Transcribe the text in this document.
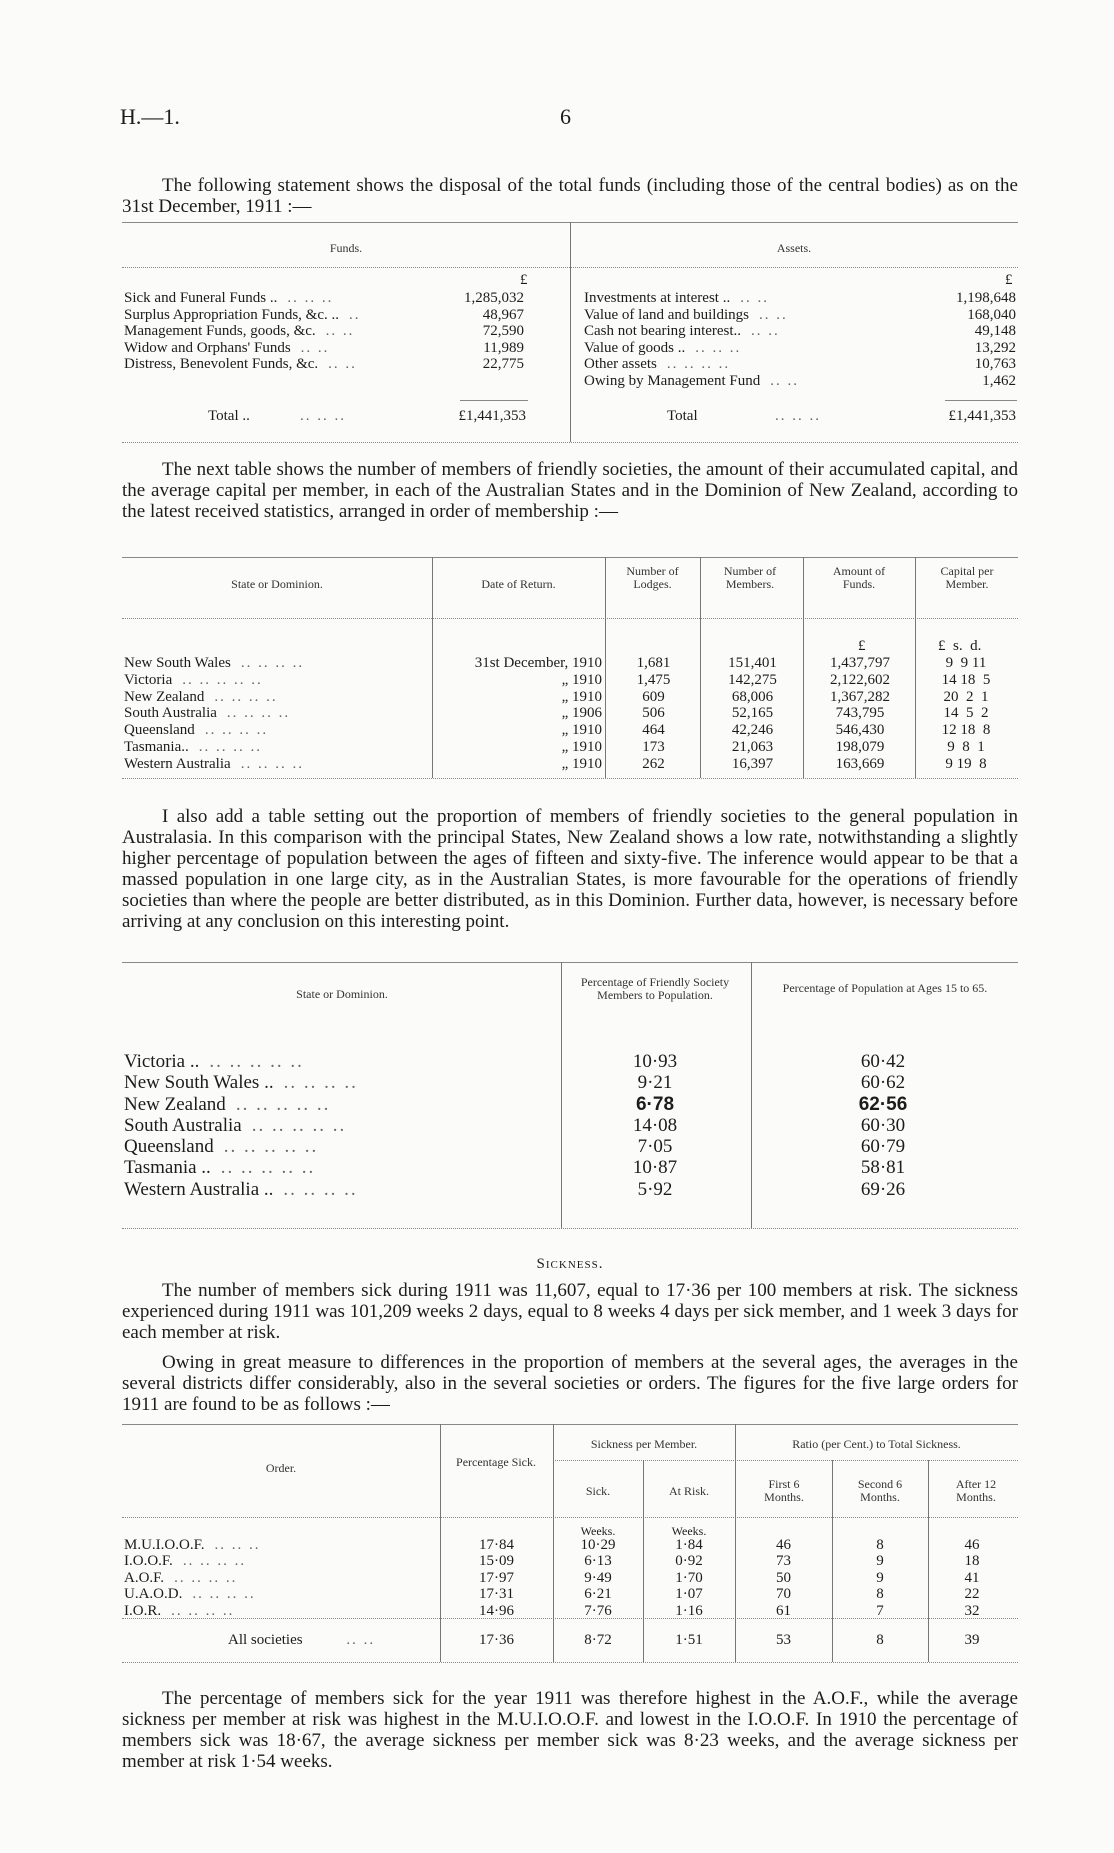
H.—1.	6

The following statement shows the disposal of the total funds (including those of the central bodies) as on the 31st December, 1911 :—

Funds.	Assets.
£	£
Sick and Funeral Funds .. .. .. ..	1,285,032
Surplus Appropriation Funds, &c. .. ..	48,967
Management Funds, goods, &c. .. ..	72,590
Widow and Orphans' Funds .. ..	11,989
Distress, Benevolent Funds, &c. .. ..	22,775
Investments at interest .. .. ..	1,198,648
Value of land and buildings .. ..	168,040
Cash not bearing interest.. .. ..	49,148
Value of goods .. .. .. ..	13,292
Other assets .. .. .. ..	10,763
Owing by Management Fund .. ..	1,462
Total ..	.. .. ..	£1,441,353	Total	.. .. ..	£1,441,353

The next table shows the number of members of friendly societies, the amount of their accumulated capital, and the average capital per member, in each of the Australian States and in the Dominion of New Zealand, according to the latest received statistics, arranged in order of membership :—

State or Dominion.	Date of Return.
Number of Lodges.
Number of Members.
Amount of Funds.
Capital per Member.
£	£  s.  d.
New South Wales .. .. .. ..	31st December, 1910	1,681	151,401	1,437,797	9  9 11
Victoria .. .. .. .. ..	„ 1910	1,475	142,275	2,122,602	14 18  5
New Zealand .. .. .. ..	„ 1910	609	68,006	1,367,282	20  2  1
South Australia .. .. .. ..	„ 1906	506	52,165	743,795	14  5  2
Queensland .. .. .. ..	„ 1910	464	42,246	546,430	12 18  8
Tasmania.. .. .. .. ..	„ 1910	173	21,063	198,079	9  8  1
Western Australia .. .. .. ..	„ 1910	262	16,397	163,669	9 19  8

I also add a table setting out the proportion of members of friendly societies to the general population in Australasia. In this comparison with the principal States, New Zealand shows a low rate, notwithstanding a slightly higher percentage of population between the ages of fifteen and sixty-five. The inference would appear to be that a massed population in one large city, as in the Australian States, is more favourable for the operations of friendly societies than where the people are better distributed, as in this Dominion. Further data, however, is necessary before arriving at any conclusion on this interesting point.

State or Dominion.
Percentage of Friendly Society Members to Population.	Percentage of Population at Ages 15 to 65.
Victoria .. .. .. .. .. ..	10·93	60·42
New South Wales .. .. .. .. ..	9·21	60·62
New Zealand .. .. .. .. ..	6·78	62·56
South Australia .. .. .. .. ..	14·08	60·30
Queensland .. .. .. .. ..	7·05	60·79
Tasmania .. .. .. .. .. ..	10·87	58·81
Western Australia .. .. .. .. ..	5·92	69·26
Sickness.

The number of members sick during 1911 was 11,607, equal to 17·36 per 100 members at risk. The sickness experienced during 1911 was 101,209 weeks 2 days, equal to 8 weeks 4 days per sick member, and 1 week 3 days for each member at risk.

Owing in great measure to differences in the proportion of members at the several ages, the averages in the several districts differ considerably, also in the several societies or orders. The figures for the five large orders for 1911 are found to be as follows :—

Order.	Percentage Sick.
Sickness per Member.	Ratio (per Cent.) to Total Sickness.
Sick.	At Risk.	First 6 Months.
Second 6 Months.
After 12 Months.
Weeks.	Weeks.
M.U.I.O.O.F. .. .. ..	17·84	10·29	1·84	46	8	46
I.O.O.F. .. .. .. ..	15·09	6·13	0·92	73	9	18
A.O.F. .. .. .. ..	17·97	9·49	1·70	50	9	41
U.A.O.D. .. .. .. ..	17·31	6·21	1·07	70	8	22
I.O.R. .. .. .. ..	14·96	7·76	1·16	61	7	32
All societies	.. ..	17·36	8·72	1·51	53	8	39

The percentage of members sick for the year 1911 was therefore highest in the A.O.F., while the average sickness per member at risk was highest in the M.U.I.O.O.F. and lowest in the I.O.O.F. In 1910 the percentage of members sick was 18·67, the average sickness per member sick was 8·23 weeks, and the average sickness per member at risk 1·54 weeks.
